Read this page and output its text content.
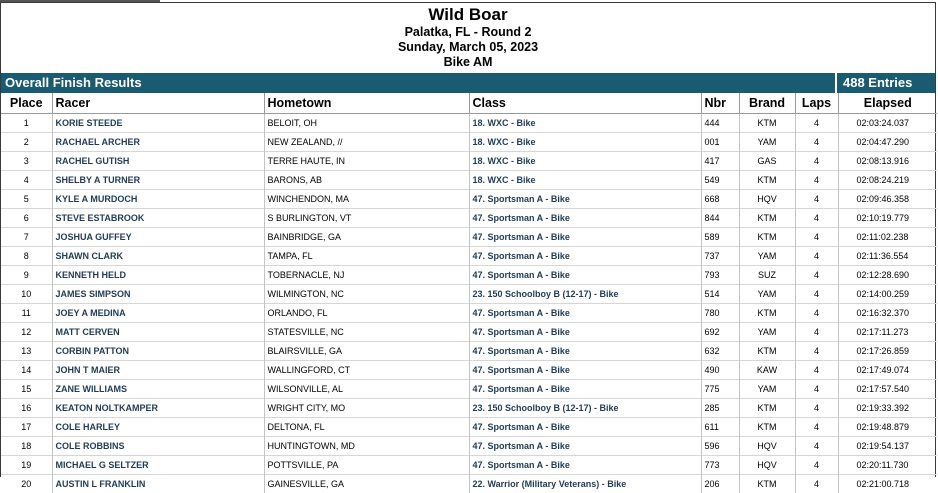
Wild Boar
Palatka, FL - Round 2
Sunday, March 05, 2023
Bike AM
Overall Finish Results	488 Entries
Place	Racer	Hometown	Class	Nbr	Brand	Laps	Elapsed
1	KORIE STEEDE	BELOIT, OH	18. WXC - Bike	444	KTM	4	02:03:24.037
2	RACHAEL ARCHER	NEW ZEALAND, //	18. WXC - Bike	001	YAM	4	02:04:47.290
3	RACHEL GUTISH	TERRE HAUTE, IN	18. WXC - Bike	417	GAS	4	02:08:13.916
4	SHELBY A TURNER	BARONS, AB	18. WXC - Bike	549	KTM	4	02:08:24.219
5	KYLE A MURDOCH	WINCHENDON, MA	47. Sportsman A - Bike	668	HQV	4	02:09:46.358
6	STEVE ESTABROOK	S BURLINGTON, VT	47. Sportsman A - Bike	844	KTM	4	02:10:19.779
7	JOSHUA GUFFEY	BAINBRIDGE, GA	47. Sportsman A - Bike	589	KTM	4	02:11:02.238
8	SHAWN CLARK	TAMPA, FL	47. Sportsman A - Bike	737	YAM	4	02:11:36.554
9	KENNETH HELD	TOBERNACLE, NJ	47. Sportsman A - Bike	793	SUZ	4	02:12:28.690
10	JAMES SIMPSON	WILMINGTON, NC	23. 150 Schoolboy B (12-17) - Bike	514	YAM	4	02:14:00.259
11	JOEY A MEDINA	ORLANDO, FL	47. Sportsman A - Bike	780	KTM	4	02:16:32.370
12	MATT CERVEN	STATESVILLE, NC	47. Sportsman A - Bike	692	YAM	4	02:17:11.273
13	CORBIN PATTON	BLAIRSVILLE, GA	47. Sportsman A - Bike	632	KTM	4	02:17:26.859
14	JOHN T MAIER	WALLINGFORD, CT	47. Sportsman A - Bike	490	KAW	4	02:17:49.074
15	ZANE WILLIAMS	WILSONVILLE, AL	47. Sportsman A - Bike	775	YAM	4	02:17:57.540
16	KEATON NOLTKAMPER	WRIGHT CITY, MO	23. 150 Schoolboy B (12-17) - Bike	285	KTM	4	02:19:33.392
17	COLE HARLEY	DELTONA, FL	47. Sportsman A - Bike	611	KTM	4	02:19:48.879
18	COLE ROBBINS	HUNTINGTOWN, MD	47. Sportsman A - Bike	596	HQV	4	02:19:54.137
19	MICHAEL G SELTZER	POTTSVILLE, PA	47. Sportsman A - Bike	773	HQV	4	02:20:11.730
20	AUSTIN L FRANKLIN	GAINESVILLE, GA	22. Warrior (Military Veterans) - Bike	206	KTM	4	02:21:00.718
